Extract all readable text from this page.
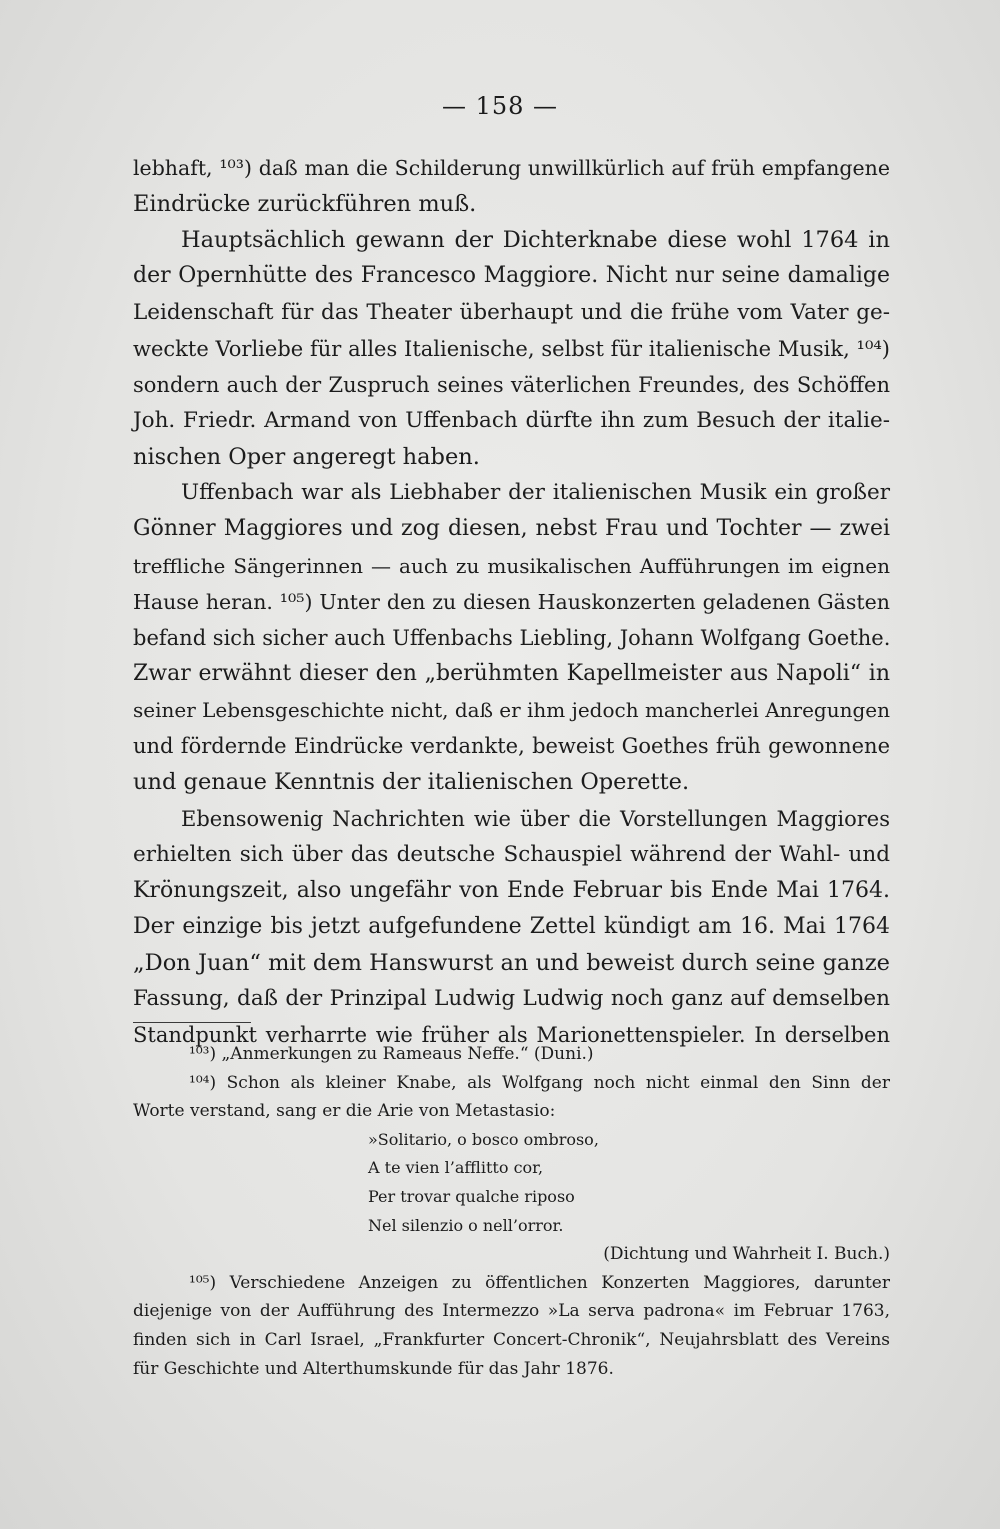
— 158 —
lebhaft, ¹⁰³) daß man die Schilderung unwillkürlich auf früh empfangene
Eindrücke zurückführen muß.
Hauptsächlich gewann der Dichterknabe diese wohl 1764 in
der Opernhütte des Francesco Maggiore. Nicht nur seine damalige
Leidenschaft für das Theater überhaupt und die frühe vom Vater ge-
weckte Vorliebe für alles Italienische, selbst für italienische Musik, ¹⁰⁴)
sondern auch der Zuspruch seines väterlichen Freundes, des Schöffen
Joh. Friedr. Armand von Uffenbach dürfte ihn zum Besuch der italie-
nischen Oper angeregt haben.
Uffenbach war als Liebhaber der italienischen Musik ein großer
Gönner Maggiores und zog diesen, nebst Frau und Tochter — zwei
treffliche Sängerinnen — auch zu musikalischen Aufführungen im eignen
Hause heran. ¹⁰⁵) Unter den zu diesen Hauskonzerten geladenen Gästen
befand sich sicher auch Uffenbachs Liebling, Johann Wolfgang Goethe.
Zwar erwähnt dieser den „berühmten Kapellmeister aus Napoli“ in
seiner Lebensgeschichte nicht, daß er ihm jedoch mancherlei Anregungen
und fördernde Eindrücke verdankte, beweist Goethes früh gewonnene
und genaue Kenntnis der italienischen Operette.
Ebensowenig Nachrichten wie über die Vorstellungen Maggiores
erhielten sich über das deutsche Schauspiel während der Wahl- und
Krönungszeit, also ungefähr von Ende Februar bis Ende Mai 1764.
Der einzige bis jetzt aufgefundene Zettel kündigt am 16. Mai 1764
„Don Juan“ mit dem Hanswurst an und beweist durch seine ganze
Fassung, daß der Prinzipal Ludwig Ludwig noch ganz auf demselben
Standpunkt verharrte wie früher als Marionettenspieler. In derselben
¹⁰³) „Anmerkungen zu Rameaus Neffe.“ (Duni.)
¹⁰⁴) Schon als kleiner Knabe, als Wolfgang noch nicht einmal den Sinn der
Worte verstand, sang er die Arie von Metastasio:
»Solitario, o bosco ombroso,
A te vien l’afflitto cor,
Per trovar qualche riposo
Nel silenzio o nell’orror.
(Dichtung und Wahrheit I. Buch.)
¹⁰⁵) Verschiedene Anzeigen zu öffentlichen Konzerten Maggiores, darunter
diejenige von der Aufführung des Intermezzo »La serva padrona« im Februar 1763,
finden sich in Carl Israel, „Frankfurter Concert-Chronik“, Neujahrsblatt des Vereins
für Geschichte und Alterthumskunde für das Jahr 1876.
